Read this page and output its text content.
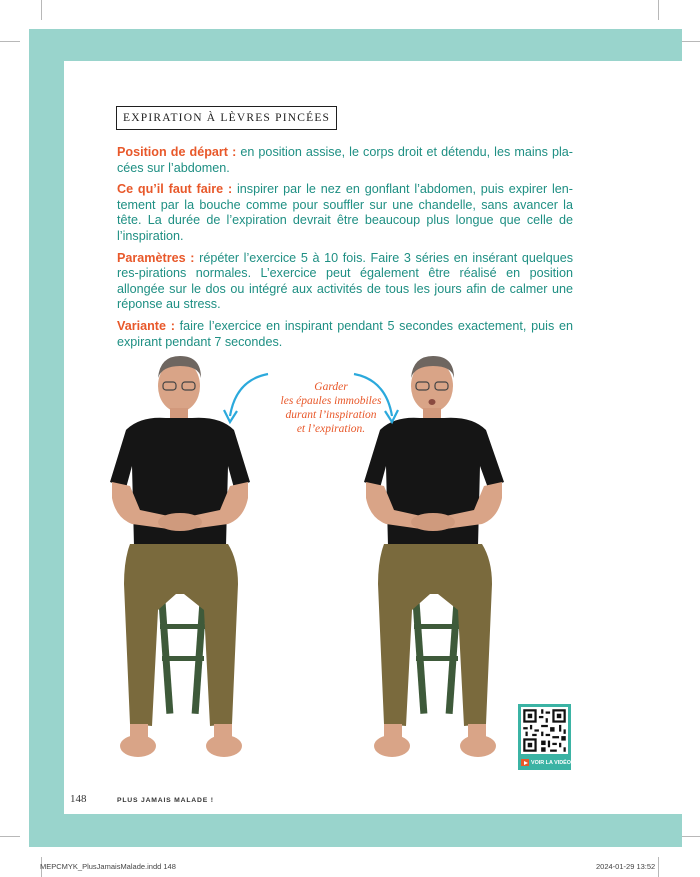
EXPIRATION À LÈVRES PINCÉES

Position de départ : en position assise, le corps droit et détendu, les mains pla-cées sur l’abdomen.

Ce qu’il faut faire : inspirer par le nez en gonflant l’abdomen, puis expirer len-tement par la bouche comme pour souffler sur une chandelle, sans avancer la tête. La durée de l’expiration devrait être beaucoup plus longue que celle de l’inspiration.

Paramètres : répéter l’exercice 5 à 10 fois. Faire 3 séries en insérant quelques res-pirations normales. L’exercice peut également être réalisé en position allongée sur le dos ou intégré aux activités de tous les jours afin de calmer une réponse au stress.

Variante : faire l’exercice en inspirant pendant 5 secondes exactement, puis en expirant pendant 7 secondes.

Garder
les épaules immobiles
durant l’inspiration
et l’expiration.
VOIR LA VIDÉO
148	PLUS JAMAIS MALADE !
MEPCMYK_PlusJamaisMalade.indd 148	2024-01-29 13:52
